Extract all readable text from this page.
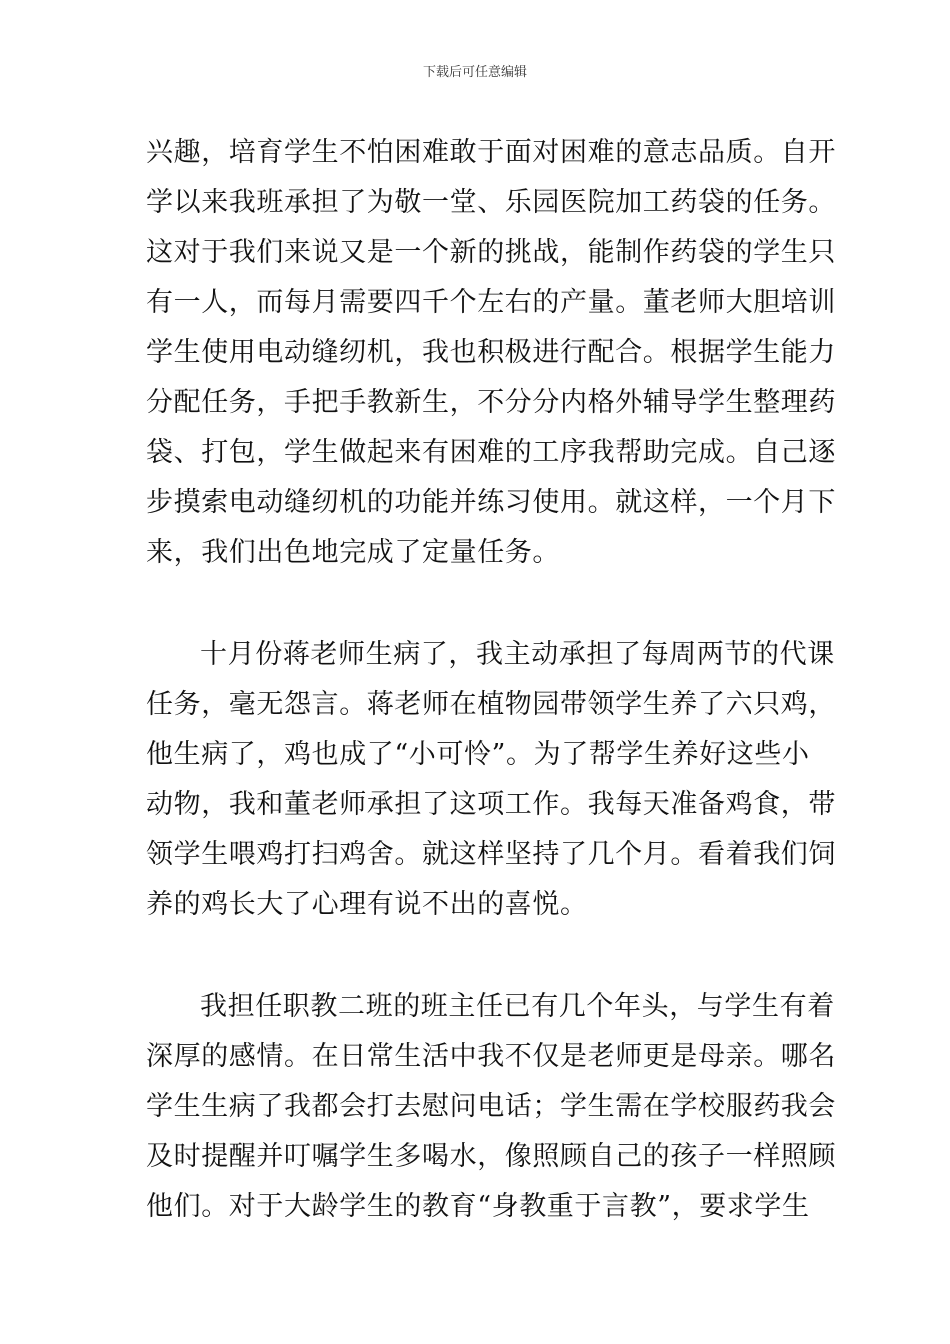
下载后可任意编辑
兴趣，培育学生不怕困难敢于面对困难的意志品质。自开
学以来我班承担了为敬一堂、乐园医院加工药袋的任务。
这对于我们来说又是一个新的挑战，能制作药袋的学生只
有一人，而每月需要四千个左右的产量。董老师大胆培训
学生使用电动缝纫机，我也积极进行配合。根据学生能力
分配任务，手把手教新生，不分分内格外辅导学生整理药
袋、打包，学生做起来有困难的工序我帮助完成。自己逐
步摸索电动缝纫机的功能并练习使用。就这样，一个月下
来，我们出色地完成了定量任务。
十月份蒋老师生病了，我主动承担了每周两节的代课
任务，毫无怨言。蒋老师在植物园带领学生养了六只鸡，
他生病了，鸡也成了“小可怜”。为了帮学生养好这些小
动物，我和董老师承担了这项工作。我每天准备鸡食，带
领学生喂鸡打扫鸡舍。就这样坚持了几个月。看着我们饲
养的鸡长大了心理有说不出的喜悦。
我担任职教二班的班主任已有几个年头，与学生有着
深厚的感情。在日常生活中我不仅是老师更是母亲。哪名
学生生病了我都会打去慰问电话；学生需在学校服药我会
及时提醒并叮嘱学生多喝水，像照顾自己的孩子一样照顾
他们。对于大龄学生的教育“身教重于言教”，要求学生
